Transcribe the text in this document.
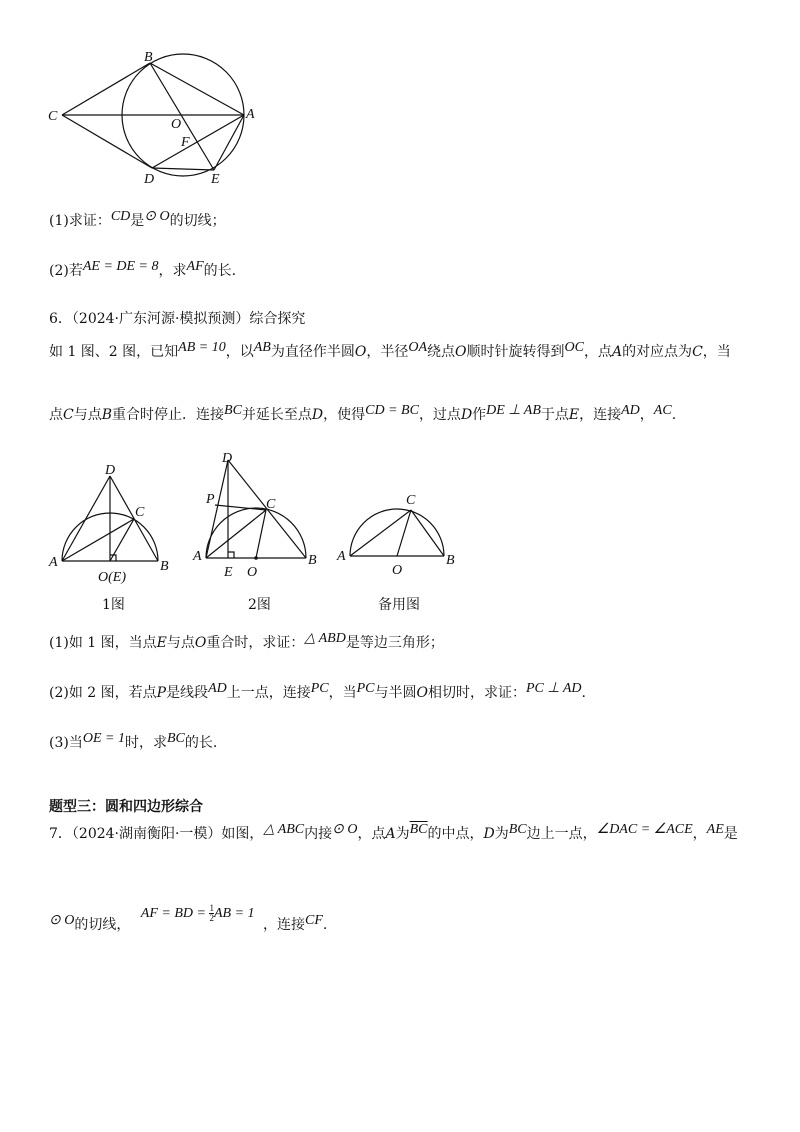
B
C
O
A
F
D	E
(1)求证：CD是⊙ O的切线；
(2)若AE = DE = 8，求AF的长.
6．（2024·广东河源·模拟预测）综合探究
如 1 图、2 图，已知AB = 10，以AB为直径作半圆O，半径OA绕点O顺时针旋转得到OC，点A的对应点为C，当
点C与点B重合时停止．连接BC并延长至点D，使得CD = BC，过点D作DE ⊥ AB于点E，连接AD，AC.
D
C
A	B
O(E)
D
P	C
A
E O
B
C
A
O
B
1图	2图	备用图
(1)如 1 图，当点E与点O重合时，求证：△ ABD是等边三角形；
(2)如 2 图，若点P是线段AD上一点，连接PC，当PC与半圆O相切时，求证：PC ⊥ AD.
(3)当OE = 1时，求BC的长.
题型三：圆和四边形综合
7．（2024·湖南衡阳·一模）如图，△ ABC内接⊙ O，点A为$\overline{BC}$的中点，D为BC边上一点，∠DAC = ∠ACE，AE是
⊙ O的切线， AF = BD = $\frac{1}{2}$ AB = 1 ，连接CF.
